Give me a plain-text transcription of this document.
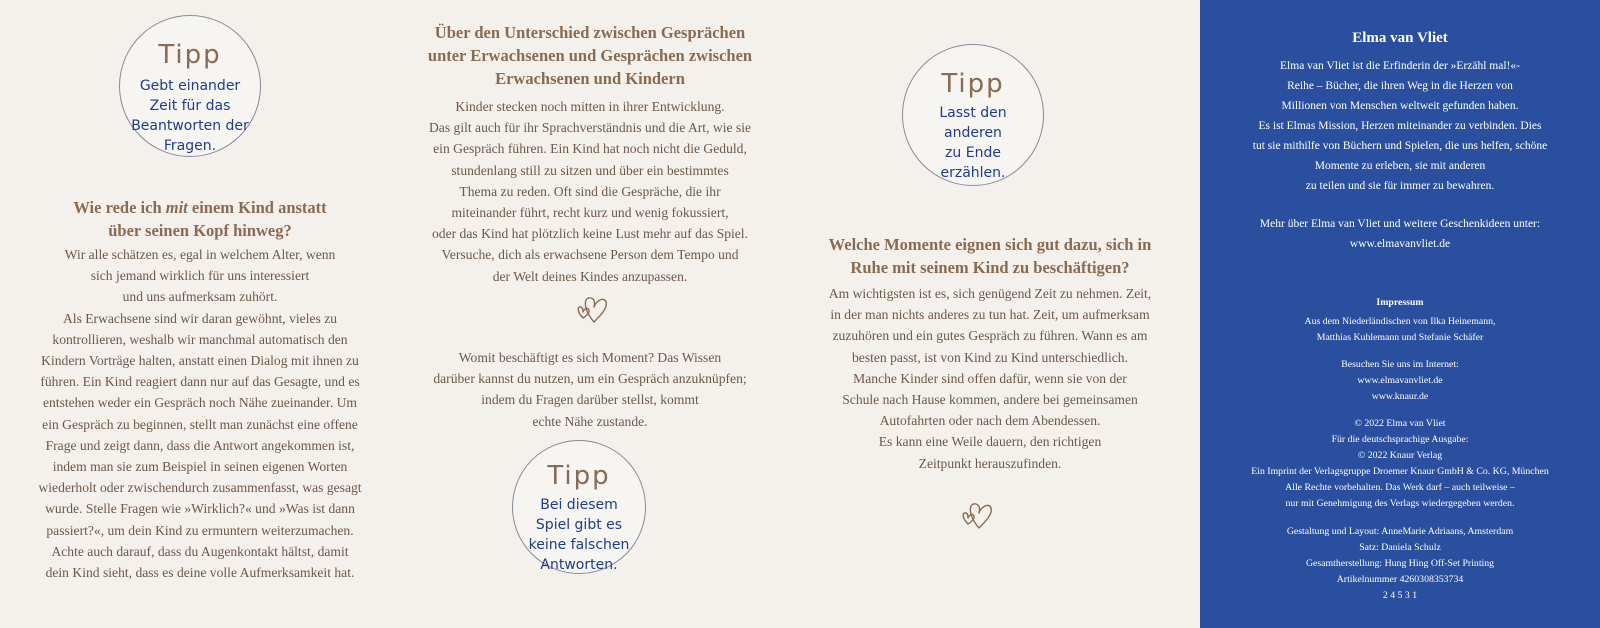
Tipp
Gebt einander
Zeit für das
Beantworten der
Fragen.
Wie rede ich mit einem Kind anstatt
über seinen Kopf hinweg?
Wir alle schätzen es, egal in welchem Alter, wenn
sich jemand wirklich für uns interessiert
und uns aufmerksam zuhört.
Als Erwachsene sind wir daran gewöhnt, vieles zu
kontrollieren, weshalb wir manchmal automatisch den
Kindern Vorträge halten, anstatt einen Dialog mit ihnen zu
führen. Ein Kind reagiert dann nur auf das Gesagte, und es
entstehen weder ein Gespräch noch Nähe zueinander. Um
ein Gespräch zu beginnen, stellt man zunächst eine offene
Frage und zeigt dann, dass die Antwort angekommen ist,
indem man sie zum Beispiel in seinen eigenen Worten
wiederholt oder zwischendurch zusammenfasst, was gesagt
wurde. Stelle Fragen wie »Wirklich?« und »Was ist dann
passiert?«, um dein Kind zu ermuntern weiterzumachen.
Achte auch darauf, dass du Augenkontakt hältst, damit
dein Kind sieht, dass es deine volle Aufmerksamkeit hat.
Über den Unterschied zwischen Gesprächen
unter Erwachsenen und Gesprächen zwischen
Erwachsenen und Kindern
Kinder stecken noch mitten in ihrer Entwicklung.
Das gilt auch für ihr Sprachverständnis und die Art, wie sie
ein Gespräch führen. Ein Kind hat noch nicht die Geduld,
stundenlang still zu sitzen und über ein bestimmtes
Thema zu reden. Oft sind die Gespräche, die ihr
miteinander führt, recht kurz und wenig fokussiert,
oder das Kind hat plötzlich keine Lust mehr auf das Spiel.
Versuche, dich als erwachsene Person dem Tempo und
der Welt deines Kindes anzupassen.
Womit beschäftigt es sich Moment? Das Wissen
darüber kannst du nutzen, um ein Gespräch anzuknüpfen;
indem du Fragen darüber stellst, kommt
echte Nähe zustande.
Tipp
Bei diesem
Spiel gibt es
keine falschen
Antworten.
Tipp
Lasst den
anderen
zu Ende
erzählen.
Welche Momente eignen sich gut dazu, sich in
Ruhe mit seinem Kind zu beschäftigen?
Am wichtigsten ist es, sich genügend Zeit zu nehmen. Zeit,
in der man nichts anderes zu tun hat. Zeit, um aufmerksam
zuzuhören und ein gutes Gespräch zu führen. Wann es am
besten passt, ist von Kind zu Kind unterschiedlich.
Manche Kinder sind offen dafür, wenn sie von der
Schule nach Hause kommen, andere bei gemeinsamen
Autofahrten oder nach dem Abendessen.
Es kann eine Weile dauern, den richtigen
Zeitpunkt herauszufinden.
Elma van Vliet
Elma van Vliet ist die Erfinderin der »Erzähl mal!«-
Reihe – Bücher, die ihren Weg in die Herzen von
Millionen von Menschen weltweit gefunden haben.
Es ist Elmas Mission, Herzen miteinander zu verbinden. Dies
tut sie mithilfe von Büchern und Spielen, die uns helfen, schöne
Momente zu erleben, sie mit anderen
zu teilen und sie für immer zu bewahren.
Mehr über Elma van Vliet und weitere Geschenkideen unter:
www.elmavanvliet.de
Impressum
Aus dem Niederländischen von Ilka Heinemann,
Matthias Kuhlemann und Stefanie Schäfer
Besuchen Sie uns im Internet:
www.elmavanvliet.de
www.knaur.de
© 2022 Elma van Vliet
Für die deutschsprachige Ausgabe:
© 2022 Knaur Verlag
Ein Imprint der Verlagsgruppe Droemer Knaur GmbH & Co. KG, München
Alle Rechte vorbehalten. Das Werk darf – auch teilweise –
nur mit Genehmigung des Verlags wiedergegeben werden.
Gestaltung und Layout: AnneMarie Adriaans, Amsterdam
Satz: Daniela Schulz
Gesamtherstellung: Hung Hing Off-Set Printing
Artikelnummer 4260308353734
2 4 5 3 1
